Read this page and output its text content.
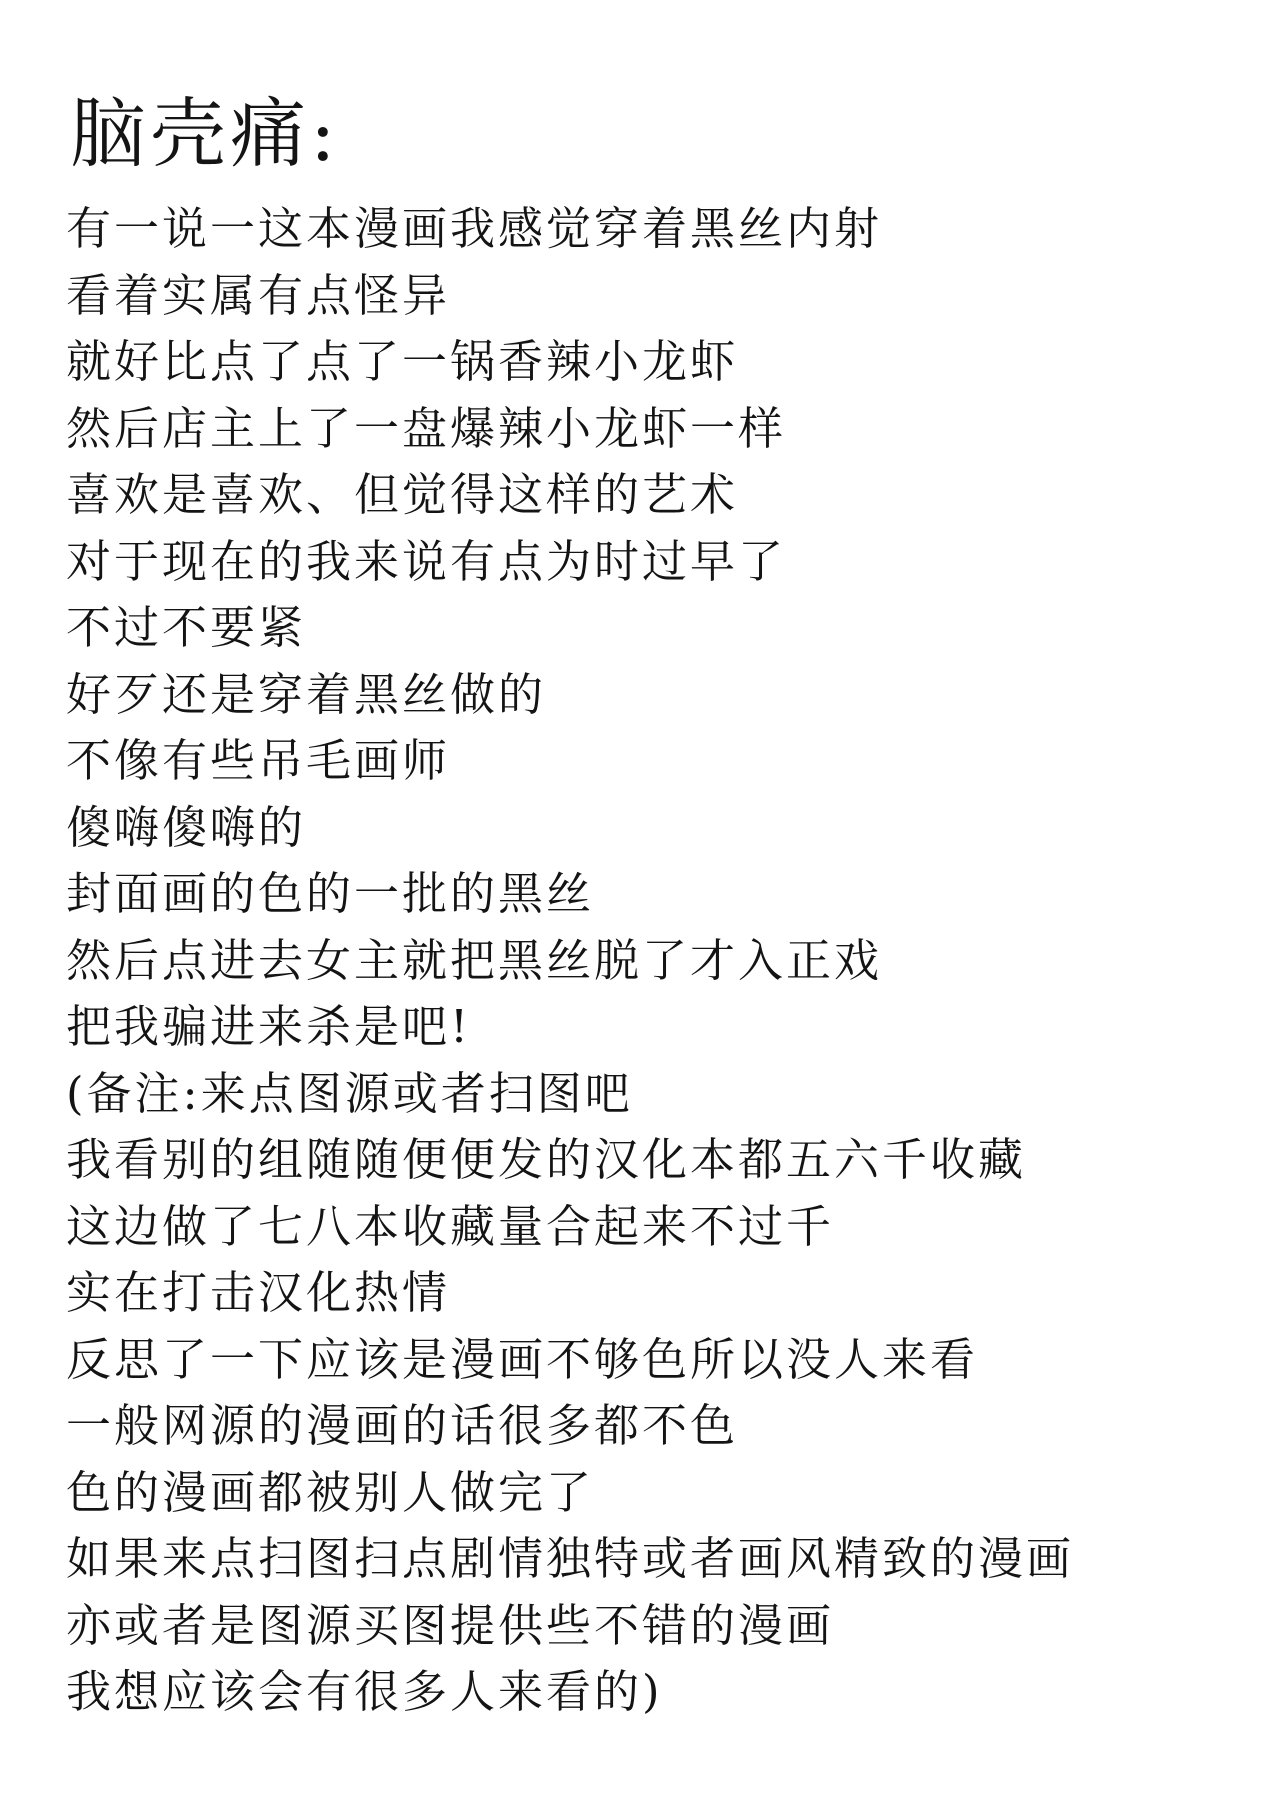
脑壳痛:
有一说一这本漫画我感觉穿着黑丝内射
看着实属有点怪异
就好比点了点了一锅香辣小龙虾
然后店主上了一盘爆辣小龙虾一样
喜欢是喜欢、但觉得这样的艺术
对于现在的我来说有点为时过早了
不过不要紧
好歹还是穿着黑丝做的
不像有些吊毛画师
傻嗨傻嗨的
封面画的色的一批的黑丝
然后点进去女主就把黑丝脱了才入正戏
把我骗进来杀是吧!
(备注:来点图源或者扫图吧
我看别的组随随便便发的汉化本都五六千收藏
这边做了七八本收藏量合起来不过千
实在打击汉化热情
反思了一下应该是漫画不够色所以没人来看
一般网源的漫画的话很多都不色
色的漫画都被别人做完了
如果来点扫图扫点剧情独特或者画风精致的漫画
亦或者是图源买图提供些不错的漫画
我想应该会有很多人来看的)
